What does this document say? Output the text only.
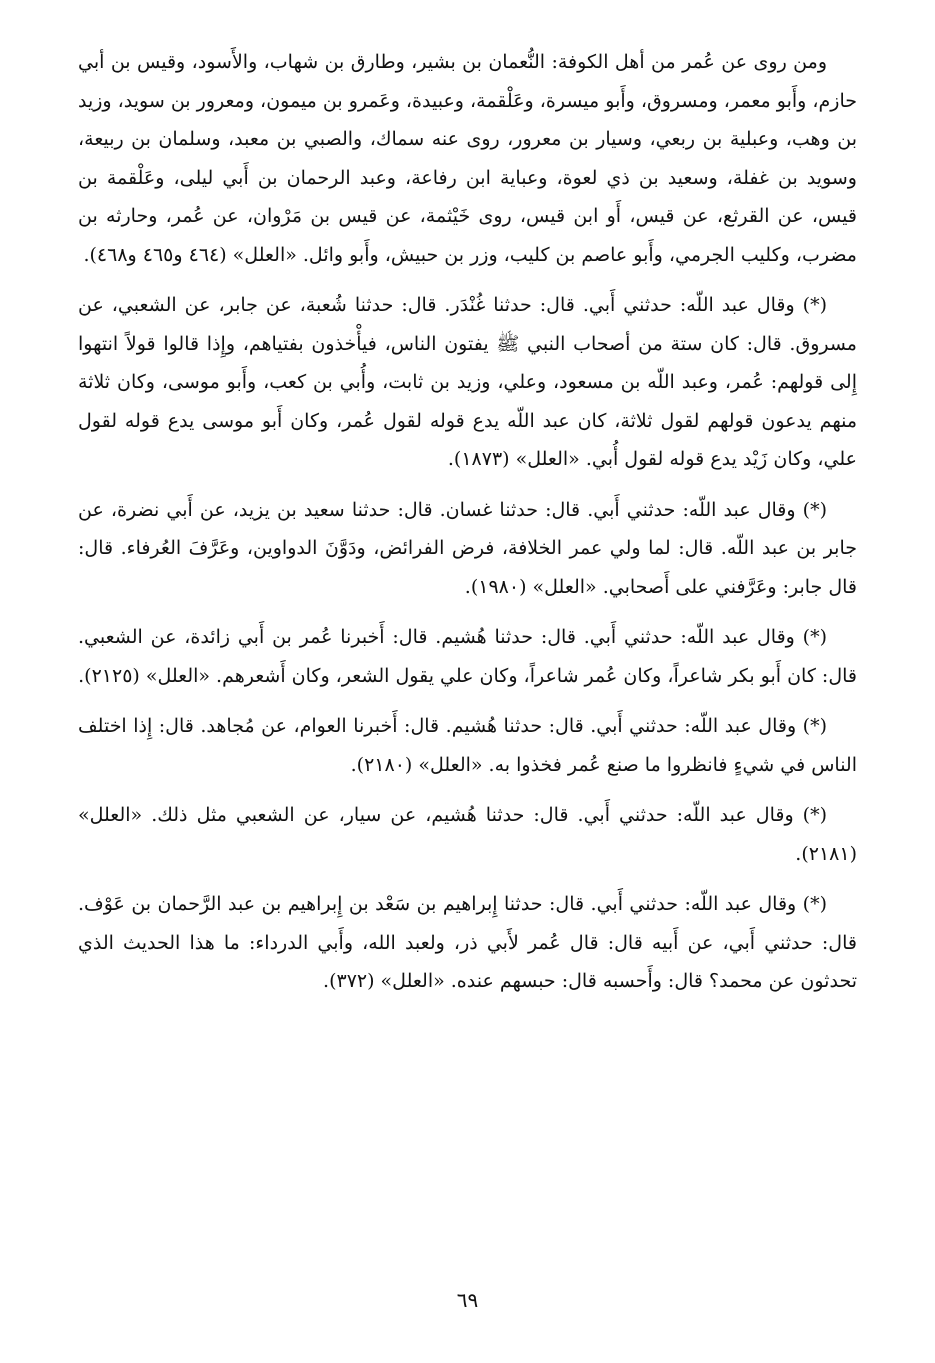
ومن روى عن عُمر من أهل الكوفة: النُّعمان بن بشير، وطارق بن شهاب، والأَسود، وقيس بن أبي حازم، وأَبو معمر، ومسروق، وأَبو ميسرة، وعَلْقمة، وعبيدة، وعَمرو بن ميمون، ومعرور بن سويد، وزيد بن وهب، وعبلية بن ربعي، وسيار بن معرور، روى عنه سماك، والصبي بن معبد، وسلمان بن ربيعة، وسويد بن غفلة، وسعيد بن ذي لعوة، وعباية ابن رفاعة، وعبد الرحمان بن أَبي ليلى، وعَلْقمة بن قيس، عن القرثع، عن قيس، أَو ابن قيس، روى خَيْثمة، عن قيس بن مَرْوان، عن عُمر، وحارثه بن مضرب، وكليب الجرمي، وأَبو عاصم بن كليب، وزر بن حبيش، وأَبو وائل. «العلل» (٤٦٤ و٤٦٥ و٤٦٨).

(*) وقال عبد اللّه: حدثني أَبي. قال: حدثنا غُنْدَر. قال: حدثنا شُعبة، عن جابر، عن الشعبي، عن مسروق. قال: كان ستة من أصحاب النبي ﷺ يفتون الناس، فيأْخذون بفتياهم، وإِذا قالوا قولاً انتهوا إِلى قولهم: عُمر، وعبد اللّه بن مسعود، وعلي، وزيد بن ثابت، وأُبي بن كعب، وأَبو موسى، وكان ثلاثة منهم يدعون قولهم لقول ثلاثة، كان عبد اللّه يدع قوله لقول عُمر، وكان أَبو موسى يدع قوله لقول علي، وكان زَيْد يدع قوله لقول أُبي. «العلل» (١٨٧٣).

(*) وقال عبد اللّه: حدثني أَبي. قال: حدثنا غسان. قال: حدثنا سعيد بن يزيد، عن أَبي نضرة، عن جابر بن عبد اللّه. قال: لما ولي عمر الخلافة، فرض الفرائض، ودَوَّنَ الدواوين، وعَرَّفَ العُرفاء. قال: قال جابر: وعَرَّفني على أَصحابي. «العلل» (١٩٨٠).

(*) وقال عبد اللّه: حدثني أَبي. قال: حدثنا هُشيم. قال: أَخبرنا عُمر بن أَبي زائدة، عن الشعبي. قال: كان أَبو بكر شاعراً، وكان عُمر شاعراً، وكان علي يقول الشعر، وكان أَشعرهم. «العلل» (٢١٢٥).

(*) وقال عبد اللّه: حدثني أَبي. قال: حدثنا هُشيم. قال: أَخبرنا العوام، عن مُجاهد. قال: إِذا اختلف الناس في شيءٍ فانظروا ما صنع عُمر فخذوا به. «العلل» (٢١٨٠).

(*) وقال عبد اللّه: حدثني أَبي. قال: حدثنا هُشيم، عن سيار، عن الشعبي مثل ذلك. «العلل» (٢١٨١).

(*) وقال عبد اللّه: حدثني أَبي. قال: حدثنا إِبراهيم بن سَعْد بن إِبراهيم بن عبد الرَّحمان بن عَوْف. قال: حدثني أَبي، عن أَبيه قال: قال عُمر لأَبي ذر، ولعبد الله، وأَبي الدرداء: ما هذا الحديث الذي تحدثون عن محمد؟ قال: وأَحسبه قال: حبسهم عنده. «العلل» (٣٧٢).

٦٩
